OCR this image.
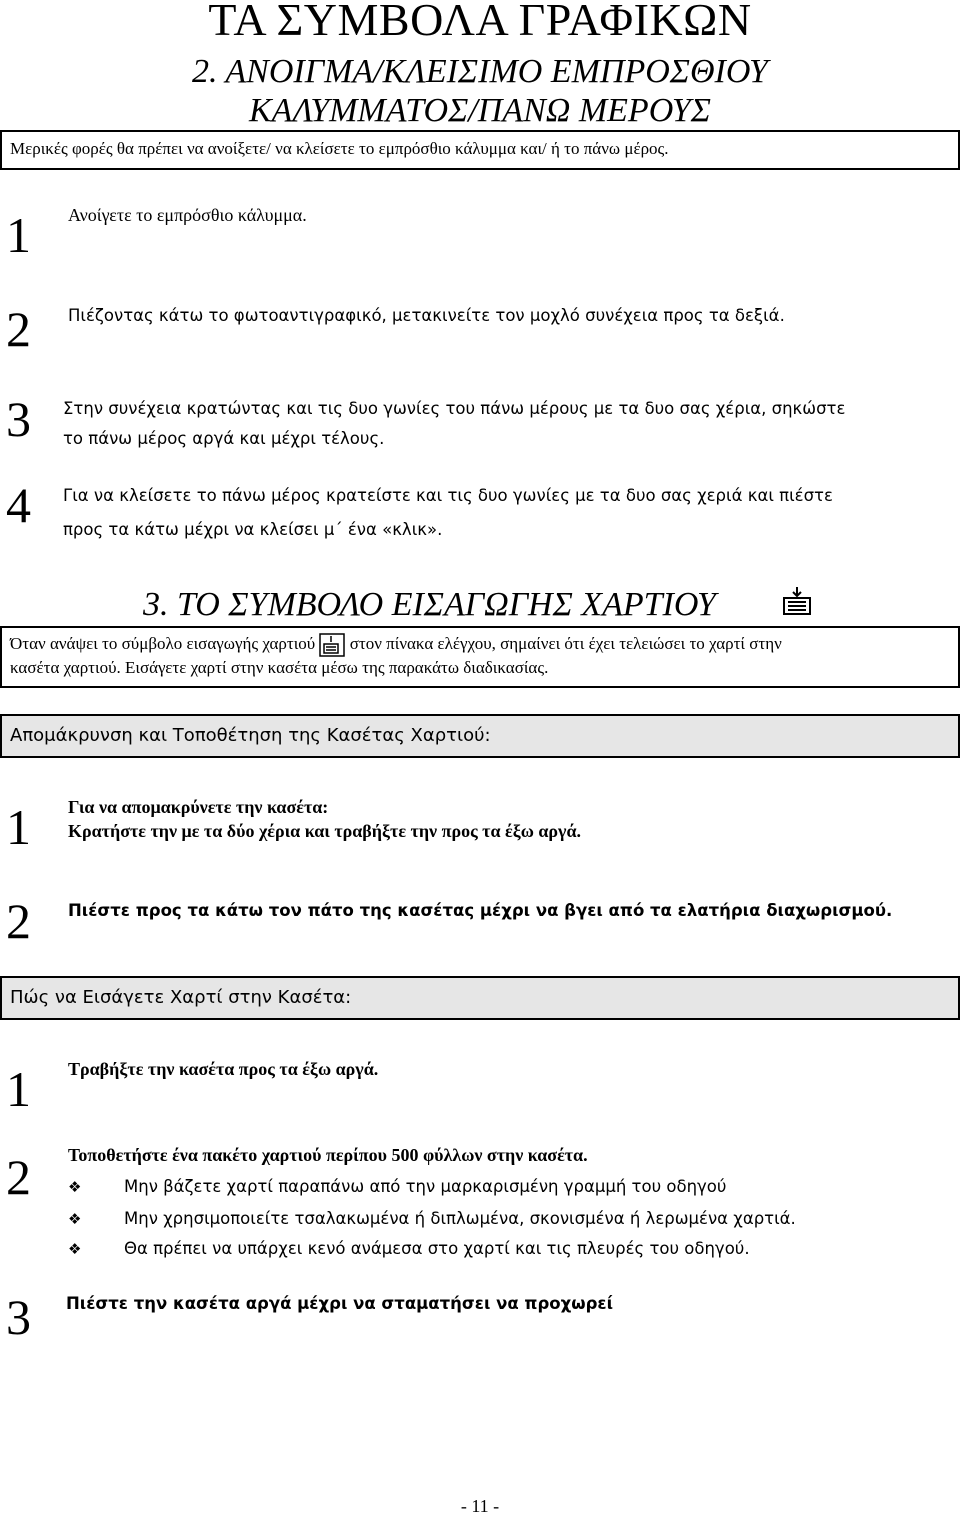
ΤΑ ΣΥΜΒΟΛΑ ΓΡΑΦΙΚΩΝ
2. ΑΝΟΙΓΜΑ/ΚΛΕΙΣΙΜΟ ΕΜΠΡΟΣΘΙΟΥ
ΚΑΛΥΜΜΑΤΟΣ/ΠΑΝΩ ΜΕΡΟΥΣ
Μερικές φορές θα πρέπει να ανοίξετε/ να κλείσετε το εμπρόσθιο κάλυμμα και/ ή το πάνω μέρος.
1	Ανοίγετε το εμπρόσθιο κάλυμμα.
2	Πιέζοντας κάτω το φωτοαντιγραφικό, μετακινείτε τον μοχλό συνέχεια προς τα δεξιά.
3	Στην συνέχεια κρατώντας και τις δυο γωνίες του πάνω μέρους με τα δυο σας χέρια, σηκώστε
το πάνω μέρος αργά και μέχρι τέλους.
4	Για να κλείσετε το πάνω μέρος κρατείστε και τις δυο γωνίες με τα δυο σας χεριά και πιέστε
προς τα κάτω μέχρι να κλείσει μ΄ ένα «κλικ».
3. ΤΟ ΣΥΜΒΟΛΟ ΕΙΣΑΓΩΓΗΣ ΧΑΡΤΙΟΥ
Όταν ανάψει το σύμβολο εισαγωγής χαρτιού στον πίνακα ελέγχου, σημαίνει ότι έχει τελειώσει το χαρτί στην
κασέτα χαρτιού. Εισάγετε χαρτί στην κασέτα μέσω της παρακάτω διαδικασίας.
Απομάκρυνση και Τοποθέτηση της Κασέτας Χαρτιού:
1	Για να απομακρύνετε την κασέτα:
Κρατήστε την με τα δύο χέρια και τραβήξτε την προς τα έξω αργά.
2	Πιέστε προς τα κάτω τον πάτο της κασέτας μέχρι να βγει από τα ελατήρια διαχωρισμού.
Πώς να Εισάγετε Χαρτί στην Κασέτα:
1	Τραβήξτε την κασέτα προς τα έξω αργά.
2	Τοποθετήστε ένα πακέτο χαρτιού περίπου 500 φύλλων στην κασέτα.
❖	Μην βάζετε χαρτί παραπάνω από την μαρκαρισμένη γραμμή του οδηγού
❖	Μην χρησιμοποιείτε τσαλακωμένα ή διπλωμένα, σκονισμένα ή λερωμένα χαρτιά.
❖	Θα πρέπει να υπάρχει κενό ανάμεσα στο χαρτί και τις πλευρές του οδηγού.
3	Πιέστε την κασέτα αργά μέχρι να σταματήσει να προχωρεί
- 11 -
